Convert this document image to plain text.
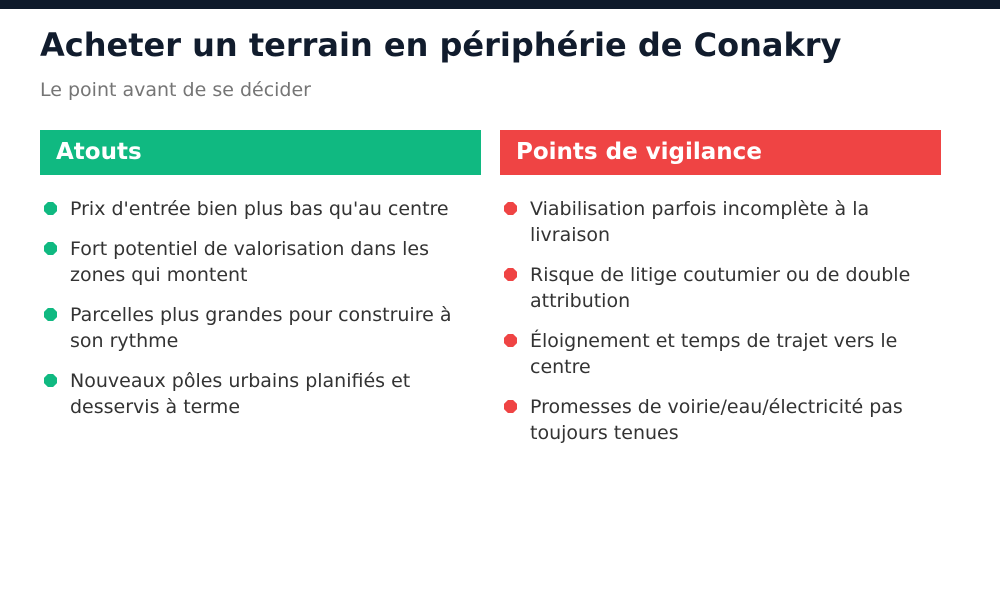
Acheter un terrain en périphérie de Conakry

Le point avant de se décider

Atouts
Prix d'entrée bien plus bas qu'au centre
Fort potentiel de valorisation dans les zones qui montent
Parcelles plus grandes pour construire à son rythme
Nouveaux pôles urbains planifiés et desservis à terme
Points de vigilance
Viabilisation parfois incomplète à la livraison
Risque de litige coutumier ou de double attribution
Éloignement et temps de trajet vers le centre
Promesses de voirie/eau/électricité pas toujours tenues
